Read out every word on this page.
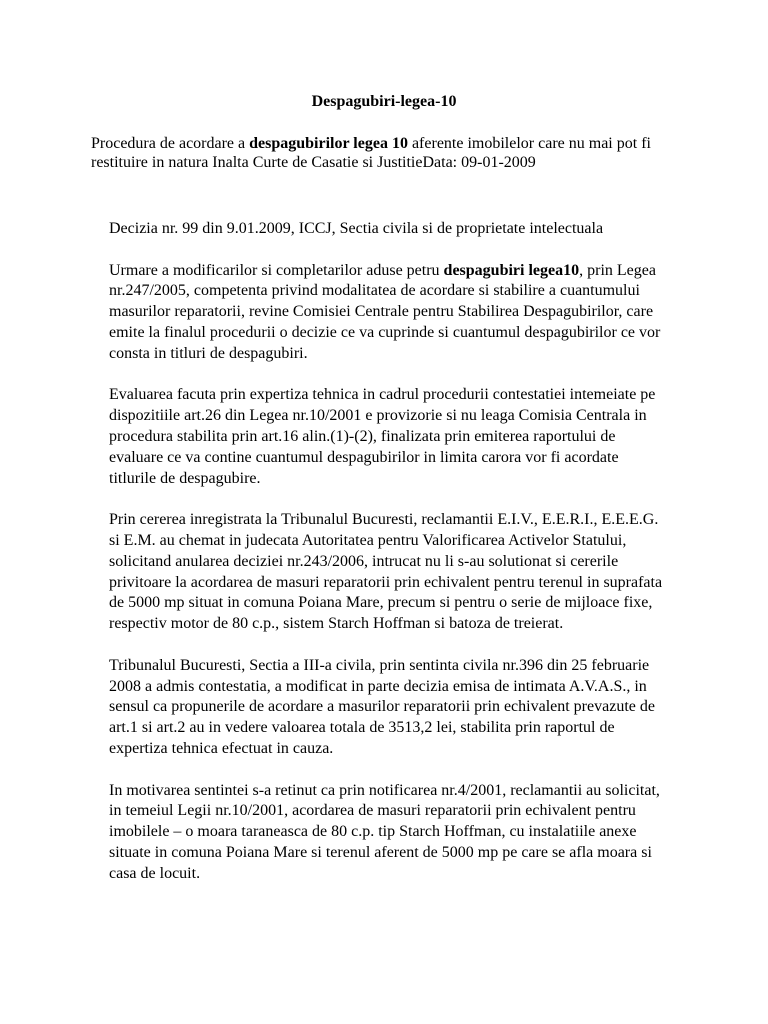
Despagubiri-legea-10
Procedura de acordare a despagubirilor legea 10 aferente imobilelor care nu mai pot fi restituire in natura Inalta Curte de Casatie si JustitieData: 09-01-2009

Decizia nr. 99 din 9.01.2009, ICCJ, Sectia civila si de proprietate intelectuala

Urmare a modificarilor si completarilor aduse petru despagubiri legea10, prin Legea nr.247/2005, competenta privind modalitatea de acordare si stabilire a cuantumului masurilor reparatorii, revine Comisiei Centrale pentru Stabilirea Despagubirilor, care emite la finalul procedurii o decizie ce va cuprinde si cuantumul despagubirilor ce vor consta in titluri de despagubiri.

Evaluarea facuta prin expertiza tehnica in cadrul procedurii contestatiei intemeiate pe dispozitiile art.26 din Legea nr.10/2001 e provizorie si nu leaga Comisia Centrala in procedura stabilita prin art.16 alin.(1)-(2), finalizata prin emiterea raportului de evaluare ce va contine cuantumul despagubirilor in limita carora vor fi acordate titlurile de despagubire.

Prin cererea inregistrata la Tribunalul Bucuresti, reclamantii E.I.V., E.E.R.I., E.E.E.G. si E.M. au chemat in judecata Autoritatea pentru Valorificarea Activelor Statului, solicitand anularea deciziei nr.243/2006, intrucat nu li s-au solutionat si cererile privitoare la acordarea de masuri reparatorii prin echivalent pentru terenul in suprafata de 5000 mp situat in comuna Poiana Mare, precum si pentru o serie de mijloace fixe, respectiv motor de 80 c.p., sistem Starch Hoffman si batoza de treierat.

Tribunalul Bucuresti, Sectia a III-a civila, prin sentinta civila nr.396 din 25 februarie 2008 a admis contestatia, a modificat in parte decizia emisa de intimata A.V.A.S., in sensul ca propunerile de acordare a masurilor reparatorii prin echivalent prevazute de art.1 si art.2 au in vedere valoarea totala de 3513,2 lei, stabilita prin raportul de expertiza tehnica efectuat in cauza.

In motivarea sentintei s-a retinut ca prin notificarea nr.4/2001, reclamantii au solicitat, in temeiul Legii nr.10/2001, acordarea de masuri reparatorii prin echivalent pentru imobilele – o moara taraneasca de 80 c.p. tip Starch Hoffman, cu instalatiile anexe situate in comuna Poiana Mare si terenul aferent de 5000 mp pe care se afla moara si casa de locuit.
